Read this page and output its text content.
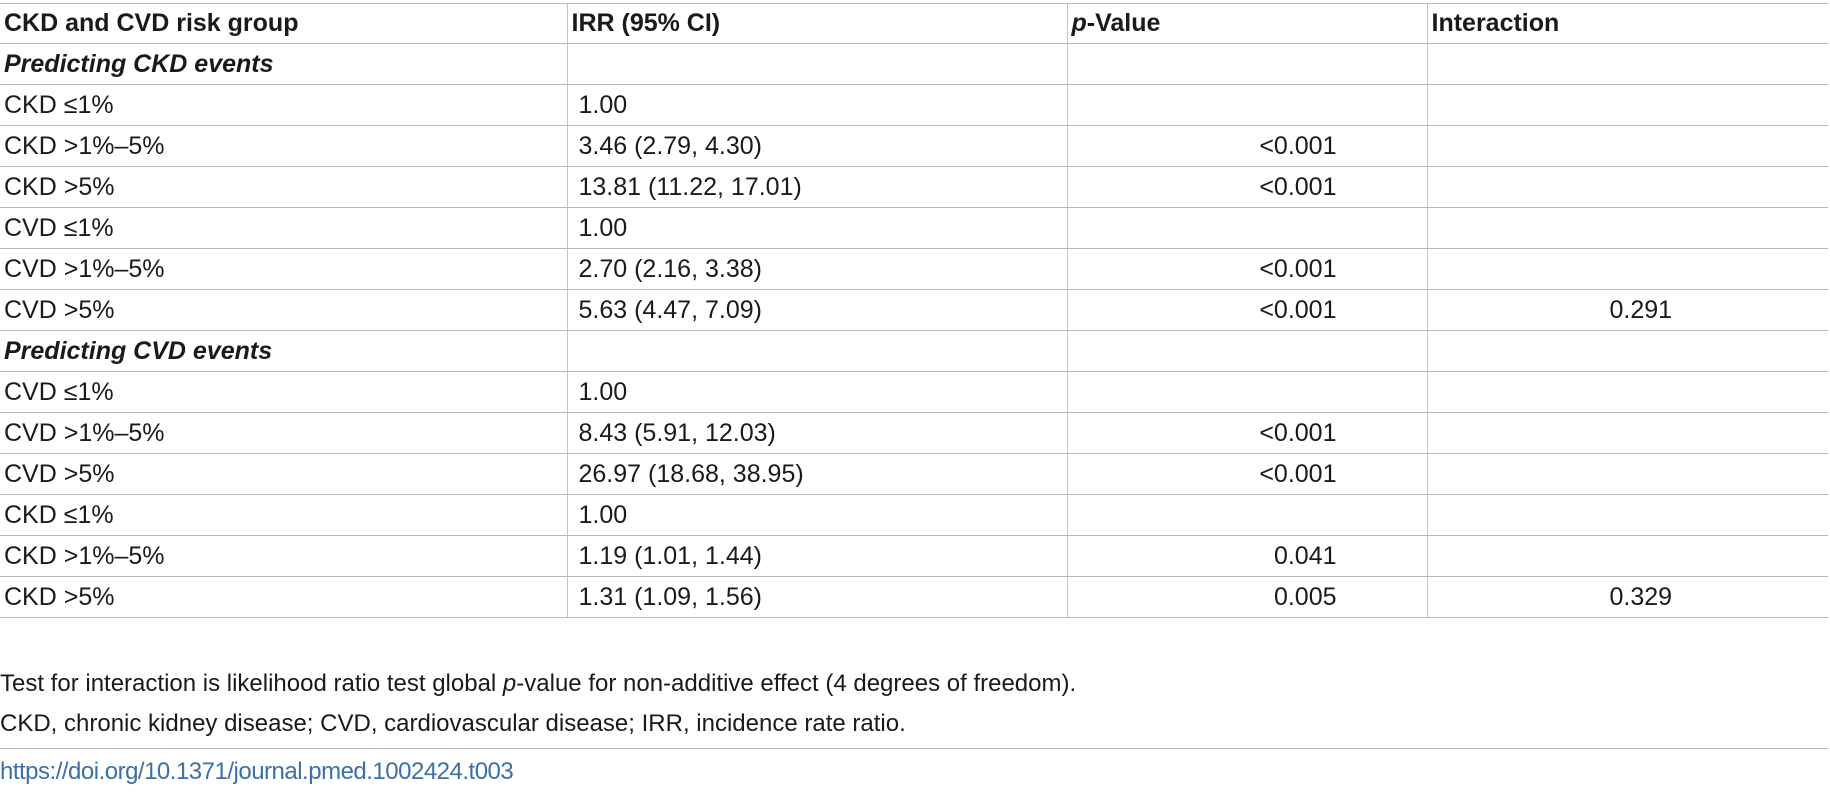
CKD and CVD risk group	IRR (95% CI)	p-Value	Interaction
Predicting CKD events			
CKD ≤1%	1.00		
CKD >1%–5%	3.46 (2.79, 4.30)	<0.001	
CKD >5%	13.81 (11.22, 17.01)	<0.001	
CVD ≤1%	1.00		
CVD >1%–5%	2.70 (2.16, 3.38)	<0.001	
CVD >5%	5.63 (4.47, 7.09)	<0.001	0.291
Predicting CVD events			
CVD ≤1%	1.00		
CVD >1%–5%	8.43 (5.91, 12.03)	<0.001	
CVD >5%	26.97 (18.68, 38.95)	<0.001	
CKD ≤1%	1.00		
CKD >1%–5%	1.19 (1.01, 1.44)	0.041	
CKD >5%	1.31 (1.09, 1.56)	0.005	0.329
Test for interaction is likelihood ratio test global p-value for non-additive effect (4 degrees of freedom).
CKD, chronic kidney disease; CVD, cardiovascular disease; IRR, incidence rate ratio.
https://doi.org/10.1371/journal.pmed.1002424.t003
